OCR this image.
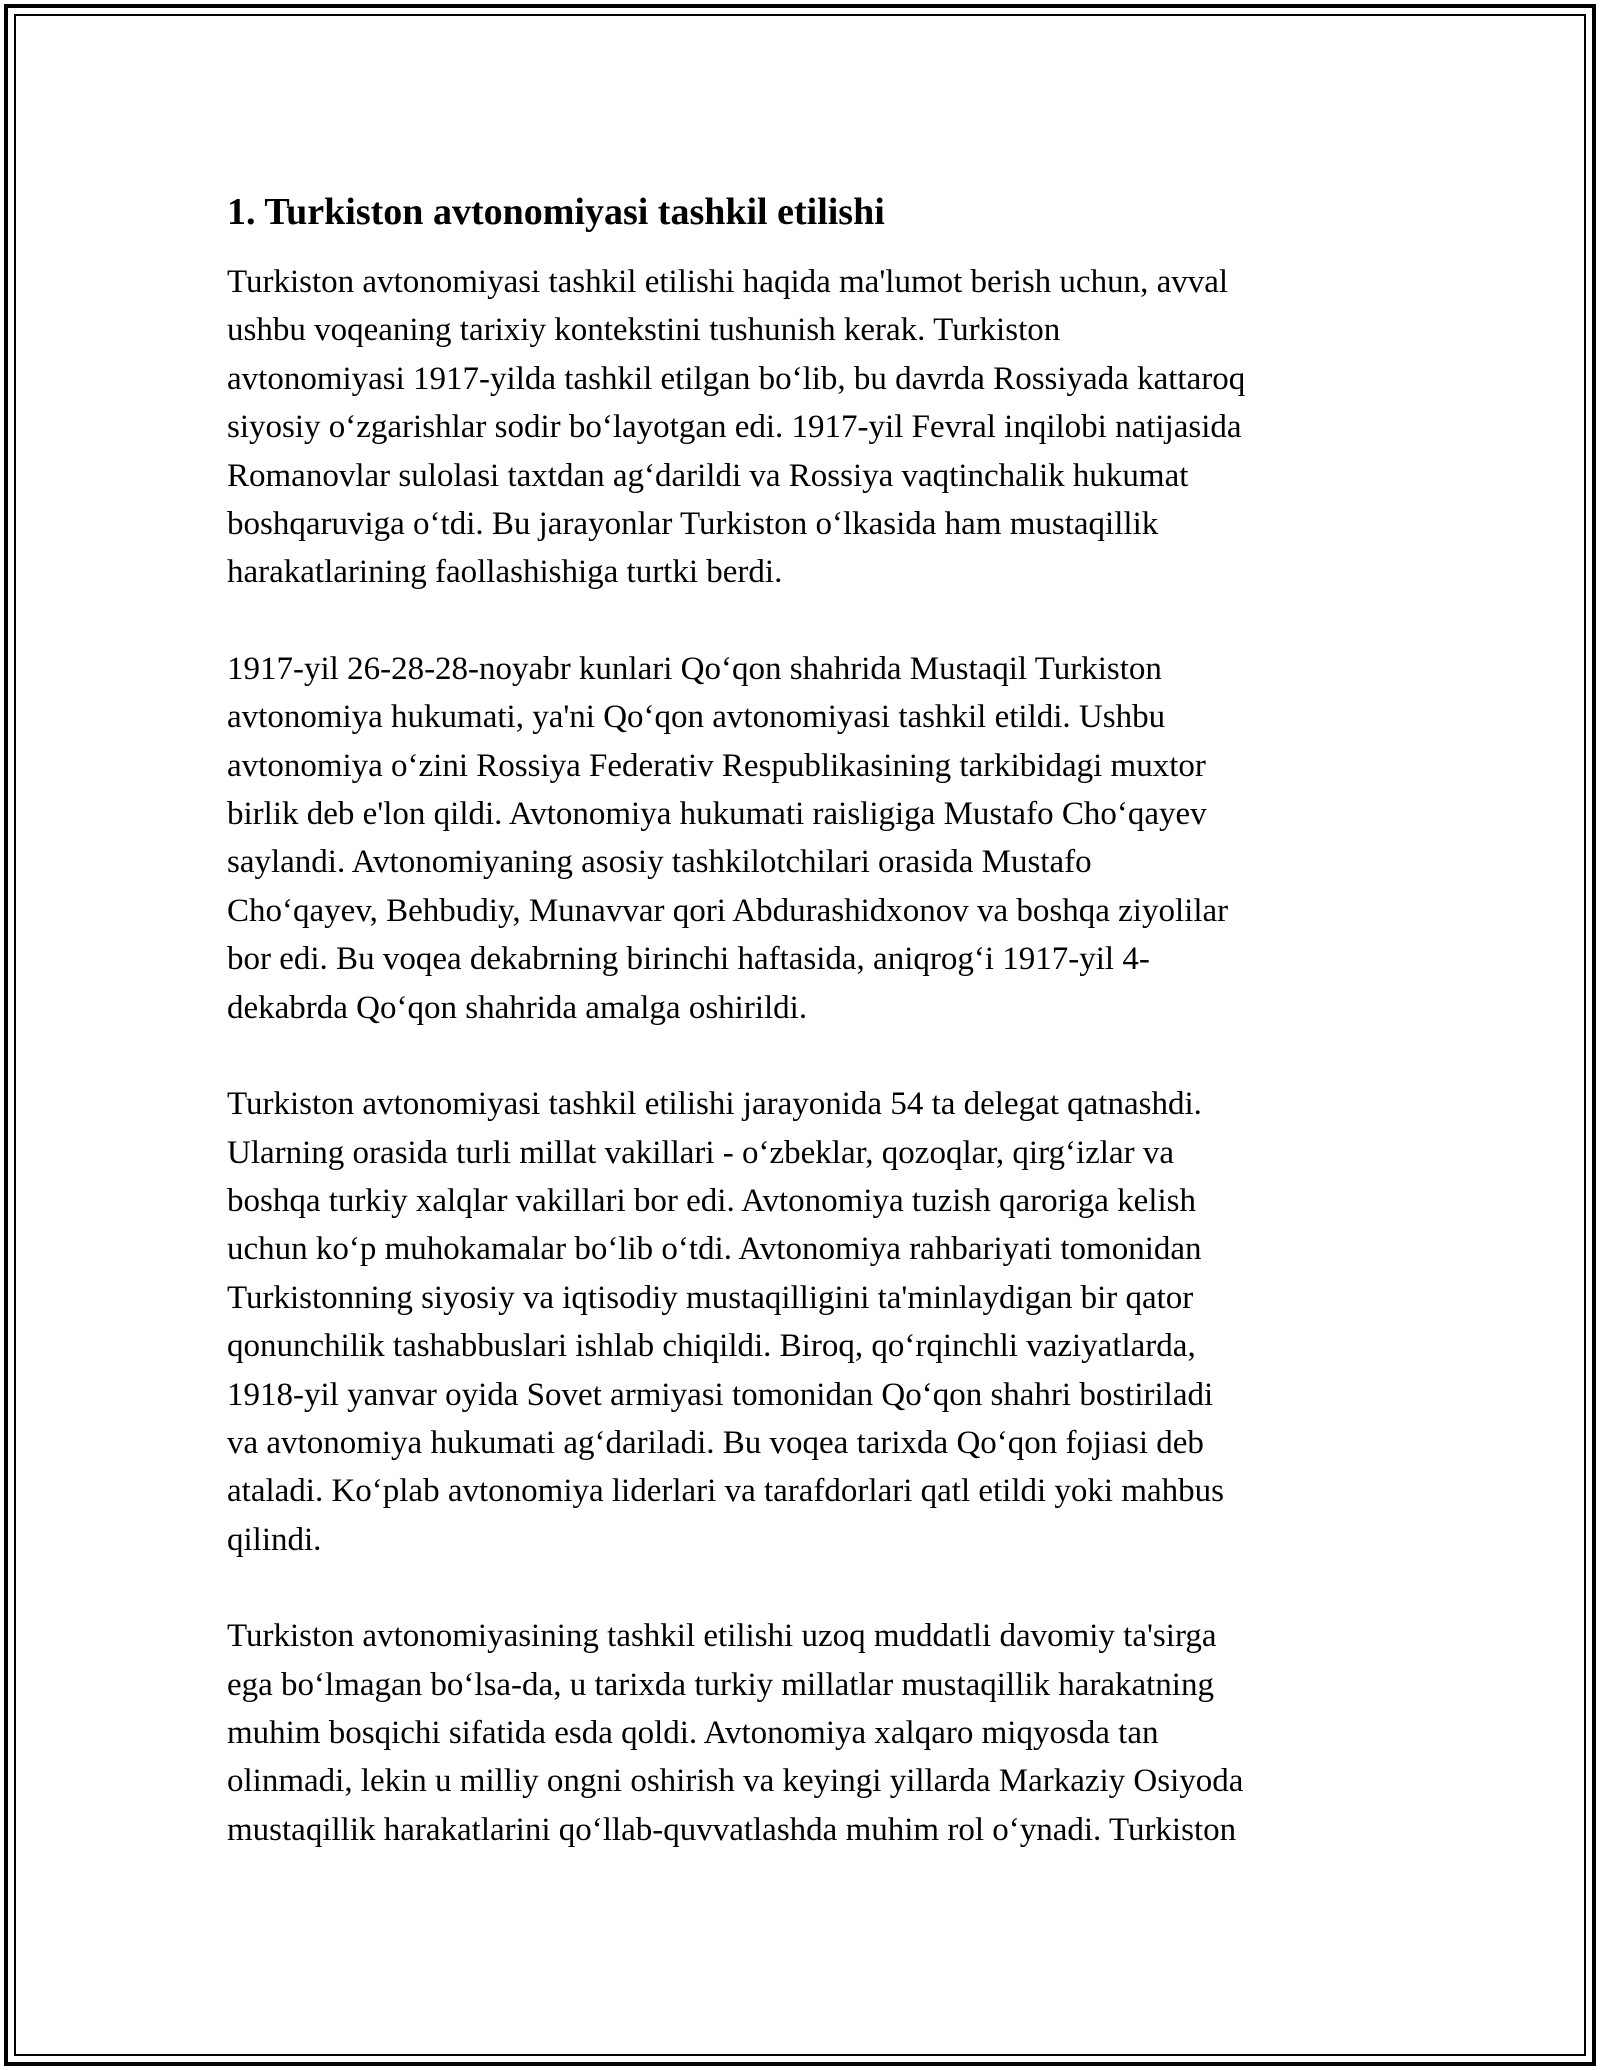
1. Turkiston avtonomiyasi tashkil etilishi

Turkiston avtonomiyasi tashkil etilishi haqida ma'lumot berish uchun, avval
ushbu voqeaning tarixiy kontekstini tushunish kerak. Turkiston
avtonomiyasi 1917-yilda tashkil etilgan bo‘lib, bu davrda Rossiyada kattaroq
siyosiy o‘zgarishlar sodir bo‘layotgan edi. 1917-yil Fevral inqilobi natijasida
Romanovlar sulolasi taxtdan ag‘darildi va Rossiya vaqtinchalik hukumat
boshqaruviga o‘tdi. Bu jarayonlar Turkiston o‘lkasida ham mustaqillik
harakatlarining faollashishiga turtki berdi.

1917-yil 26-28-28-noyabr kunlari Qo‘qon shahrida Mustaqil Turkiston
avtonomiya hukumati, ya'ni Qo‘qon avtonomiyasi tashkil etildi. Ushbu
avtonomiya o‘zini Rossiya Federativ Respublikasining tarkibidagi muxtor
birlik deb e'lon qildi. Avtonomiya hukumati raisligiga Mustafo Cho‘qayev
saylandi. Avtonomiyaning asosiy tashkilotchilari orasida Mustafo
Cho‘qayev, Behbudiy, Munavvar qori Abdurashidxonov va boshqa ziyolilar
bor edi. Bu voqea dekabrning birinchi haftasida, aniqrog‘i 1917-yil 4-
dekabrda Qo‘qon shahrida amalga oshirildi.

Turkiston avtonomiyasi tashkil etilishi jarayonida 54 ta delegat qatnashdi.
Ularning orasida turli millat vakillari - o‘zbeklar, qozoqlar, qirg‘izlar va
boshqa turkiy xalqlar vakillari bor edi. Avtonomiya tuzish qaroriga kelish
uchun ko‘p muhokamalar bo‘lib o‘tdi. Avtonomiya rahbariyati tomonidan
Turkistonning siyosiy va iqtisodiy mustaqilligini ta'minlaydigan bir qator
qonunchilik tashabbuslari ishlab chiqildi. Biroq, qo‘rqinchli vaziyatlarda,
1918-yil yanvar oyida Sovet armiyasi tomonidan Qo‘qon shahri bostiriladi
va avtonomiya hukumati ag‘dariladi. Bu voqea tarixda Qo‘qon fojiasi deb
ataladi. Ko‘plab avtonomiya liderlari va tarafdorlari qatl etildi yoki mahbus
qilindi.

Turkiston avtonomiyasining tashkil etilishi uzoq muddatli davomiy ta'sirga
ega bo‘lmagan bo‘lsa-da, u tarixda turkiy millatlar mustaqillik harakatning
muhim bosqichi sifatida esda qoldi. Avtonomiya xalqaro miqyosda tan
olinmadi, lekin u milliy ongni oshirish va keyingi yillarda Markaziy Osiyoda
mustaqillik harakatlarini qo‘llab-quvvatlashda muhim rol o‘ynadi. Turkiston
